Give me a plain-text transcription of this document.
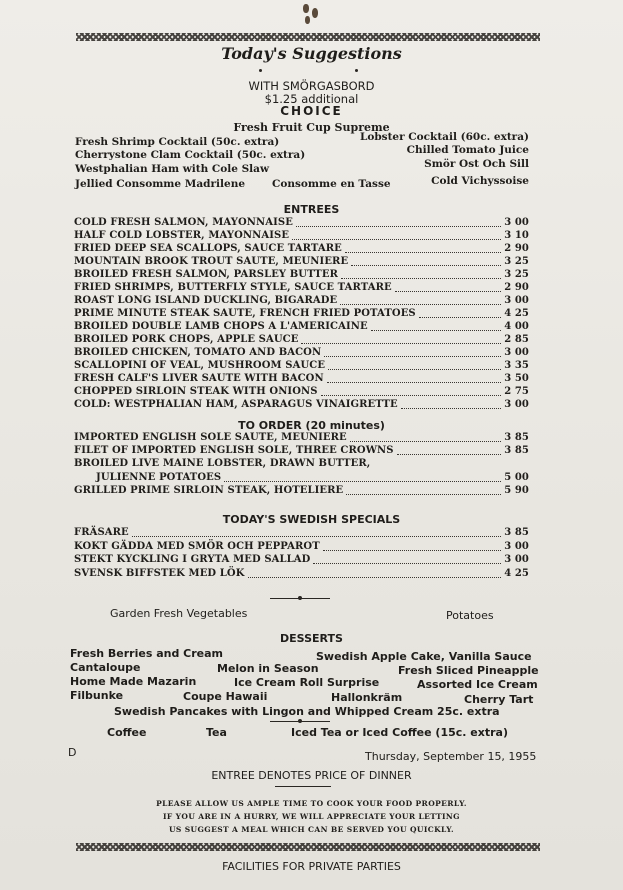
Today's Suggestions
WITH SMÖRGASBORD
$1.25 additional
CHOICE
Fresh Fruit Cup Supreme
Fresh Shrimp Cocktail (50c. extra)
Cherrystone Clam Cocktail (50c. extra)
Westphalian Ham with Cole Slaw
Jellied Consomme Madrilene	Consomme en Tasse
Lobster Cocktail (60c. extra)
Chilled Tomato Juice
Smör Ost Och Sill
Cold Vichyssoise
ENTREES
COLD FRESH SALMON, MAYONNAISE	3 00
HALF COLD LOBSTER, MAYONNAISE	3 10
FRIED DEEP SEA SCALLOPS, SAUCE TARTARE	2 90
MOUNTAIN BROOK TROUT SAUTE, MEUNIERE	3 25
BROILED FRESH SALMON, PARSLEY BUTTER	3 25
FRIED SHRIMPS, BUTTERFLY STYLE, SAUCE TARTARE	2 90
ROAST LONG ISLAND DUCKLING, BIGARADE	3 00
PRIME MINUTE STEAK SAUTE, FRENCH FRIED POTATOES	4 25
BROILED DOUBLE LAMB CHOPS A L'AMERICAINE	4 00
BROILED PORK CHOPS, APPLE SAUCE	2 85
BROILED CHICKEN, TOMATO AND BACON	3 00
SCALLOPINI OF VEAL, MUSHROOM SAUCE	3 35
FRESH CALF'S LIVER SAUTE WITH BACON	3 50
CHOPPED SIRLOIN STEAK WITH ONIONS	2 75
COLD: WESTPHALIAN HAM, ASPARAGUS VINAIGRETTE	3 00
TO ORDER (20 minutes)
IMPORTED ENGLISH SOLE SAUTE, MEUNIERE	3 85
FILET OF IMPORTED ENGLISH SOLE, THREE CROWNS	3 85
BROILED LIVE MAINE LOBSTER, DRAWN BUTTER,
JULIENNE POTATOES	5 00
GRILLED PRIME SIRLOIN STEAK, HOTELIERE	5 90
TODAY'S SWEDISH SPECIALS
FRÄSARE	3 85
KOKT GÄDDA MED SMÖR OCH PEPPAROT	3 00
STEKT KYCKLING I GRYTA MED SALLAD	3 00
SVENSK BIFFSTEK MED LÖK	4 25
Garden Fresh Vegetables	Potatoes
DESSERTS
Fresh Berries and Cream	Swedish Apple Cake, Vanilla Sauce
Cantaloupe	Melon in Season	Fresh Sliced Pineapple
Home Made Mazarin	Ice Cream Roll Surprise	Assorted Ice Cream
Filbunke	Coupe Hawaii	Hallonkräm	Cherry Tart
Swedish Pancakes with Lingon and Whipped Cream 25c. extra
Coffee	Tea	Iced Tea or Iced Coffee (15c. extra)
D	Thursday, September 15, 1955
ENTREE DENOTES PRICE OF DINNER
PLEASE ALLOW US AMPLE TIME TO COOK YOUR FOOD PROPERLY.
IF YOU ARE IN A HURRY, WE WILL APPRECIATE YOUR LETTING
US SUGGEST A MEAL WHICH CAN BE SERVED YOU QUICKLY.
FACILITIES FOR PRIVATE PARTIES
